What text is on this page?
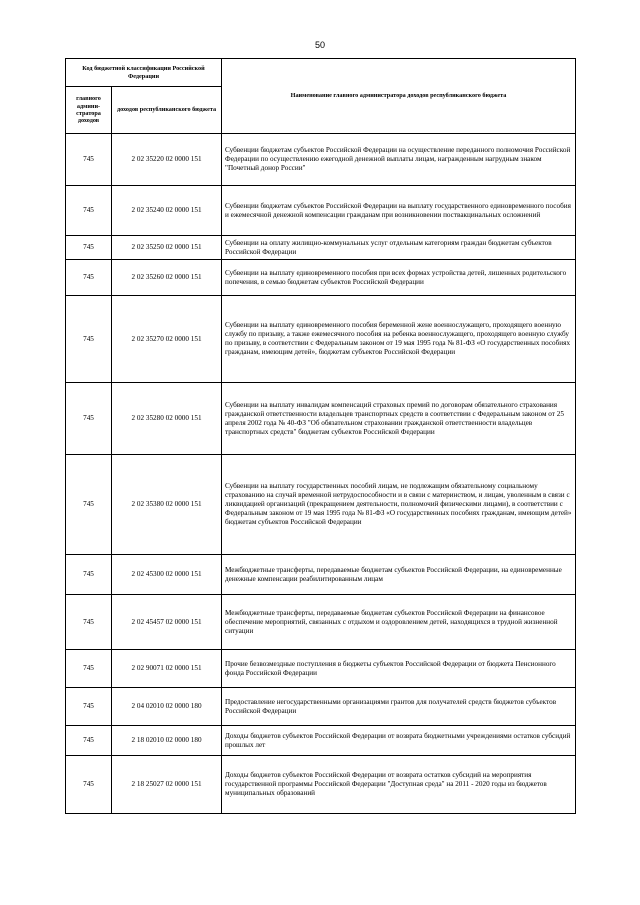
50
Код бюджетной классификации Российской Федерации		Наименование главного администратора доходов республиканского бюджета
главного админи-стратора доходов	доходов республиканского бюджета	
745	2 02 35220 02 0000 151	Субвенции бюджетам субъектов Российской Федерации на осуществление переданного полномочия Российской Федерации по осуществлению ежегодной денежной выплаты лицам, награжденным нагрудным знаком "Почетный донор России"
745	2 02 35240 02 0000 151	Субвенции бюджетам субъектов Российской Федерации на выплату государственного единовременного пособия и ежемесячной денежной компенсации гражданам при возникновении поствакцинальных осложнений
745	2 02 35250 02 0000 151	Субвенции на оплату жилищно-коммунальных услуг отдельным категориям граждан бюджетам субъектов Российской Федерации
745	2 02 35260 02 0000 151	Субвенции на выплату единовременного пособия при всех формах устройства детей, лишенных родительского попечения, в семью бюджетам субъектов Российской Федерации
745	2 02 35270 02 0000 151	Субвенции на выплату единовременного пособия беременной жене военнослужащего, проходящего военную службу по призыву, а также ежемесячного пособия на ребенка военнослужащего, проходящего военную службу по призыву, в соответствии с Федеральным законом от 19 мая 1995 года № 81-ФЗ «О государственных пособиях гражданам, имеющим детей», бюджетам субъектов Российской Федерации
745	2 02 35280 02 0000 151	Субвенции на выплату инвалидам компенсаций страховых премий по договорам обязательного страхования гражданской ответственности владельцев транспортных средств в соответствии с Федеральным законом от 25 апреля 2002 года № 40-ФЗ "Об обязательном страховании гражданской ответственности владельцев транспортных средств" бюджетам субъектов Российской Федерации
745	2 02 35380 02 0000 151	Субвенции на выплату государственных пособий лицам, не подлежащим обязательному социальному страхованию на случай временной нетрудоспособности и в связи с материнством, и лицам, уволенным в связи с ликвидацией организаций (прекращением деятельности, полномочий физическими лицами), в соответствии с Федеральным законом от 19 мая 1995 года № 81-ФЗ «О государственных пособиях гражданам, имеющим детей» бюджетам субъектов Российской Федерации
745	2 02 45300 02 0000 151	Межбюджетные трансферты, передаваемые бюджетам субъектов Российской Федерации, на единовременные денежные компенсации реабилитированным лицам
745	2 02 45457 02 0000 151	Межбюджетные трансферты, передаваемые бюджетам субъектов Российской Федерации на финансовое обеспечение мероприятий, связанных с отдыхом и оздоровлением детей, находящихся в трудной жизненной ситуации
745	2 02 90071 02 0000 151	Прочие безвозмездные поступления в бюджеты субъектов Российской Федерации от бюджета Пенсионного фонда Российской Федерации
745	2 04 02010 02 0000 180	Предоставление негосударственными организациями грантов для получателей средств бюджетов субъектов Российской Федерации
745	2 18 02010 02 0000 180	Доходы бюджетов субъектов Российской Федерации от возврата бюджетными учреждениями остатков субсидий прошлых лет
745	2 18 25027 02 0000 151	Доходы бюджетов субъектов Российской Федерации от возврата остатков субсидий на мероприятия государственной программы Российской Федерации "Доступная среда" на 2011 - 2020 годы из бюджетов муниципальных образований
